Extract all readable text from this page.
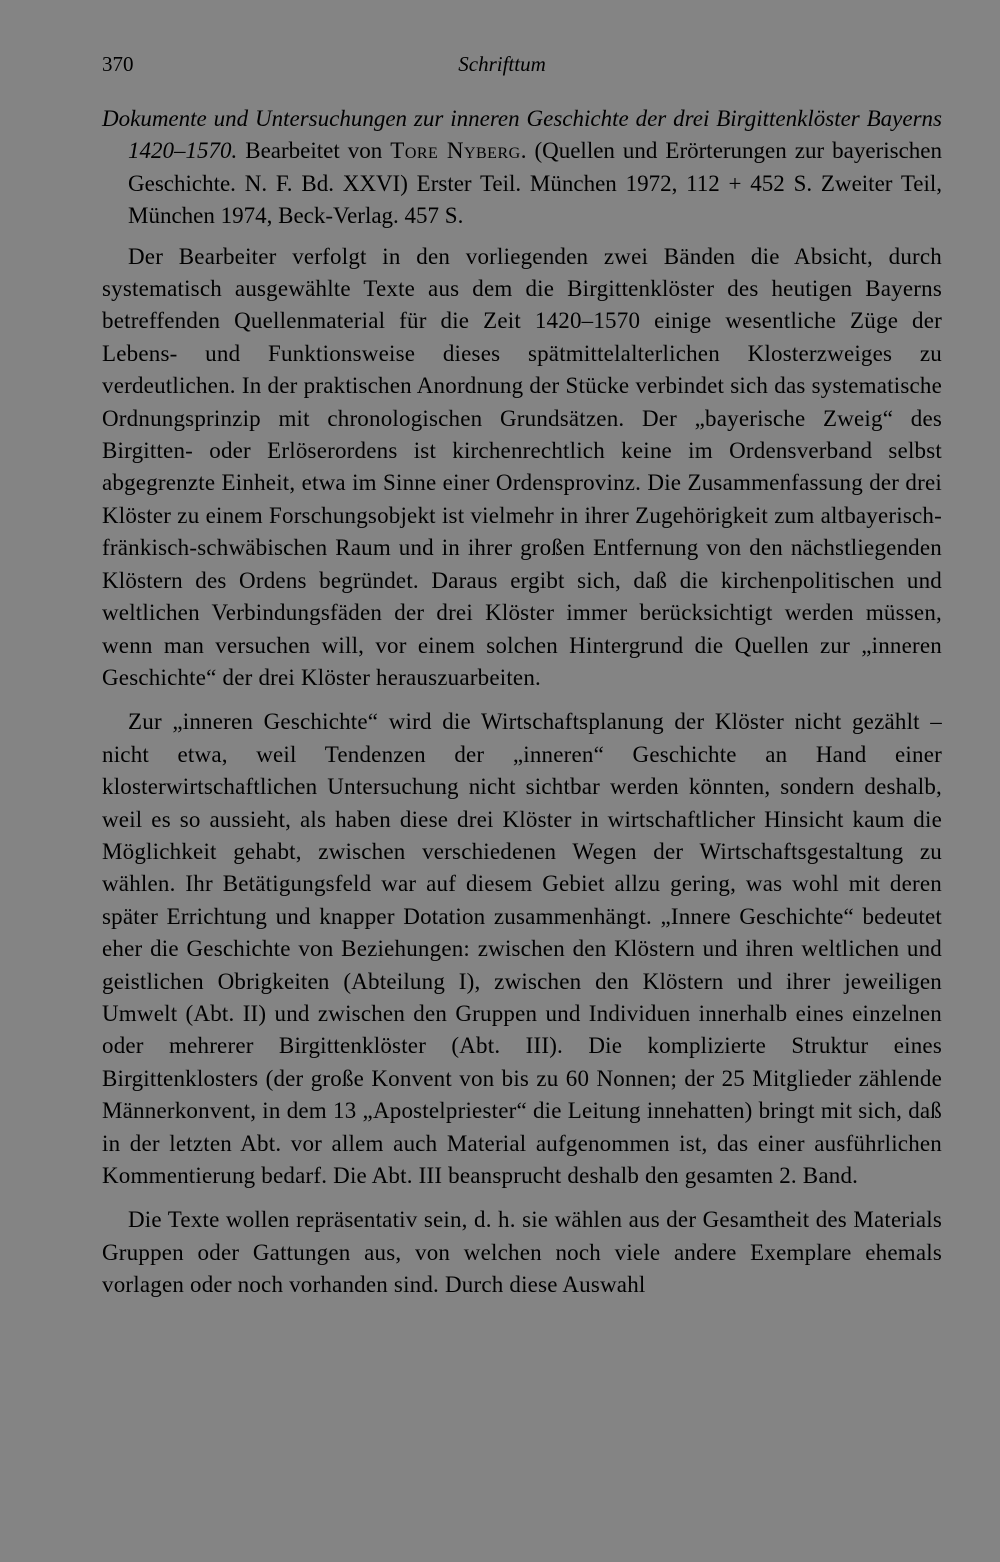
370	Schrifttum

Dokumente und Untersuchungen zur inneren Geschichte der drei Birgittenklöster Bayerns 1420–1570. Bearbeitet von Tore Nyberg. (Quellen und Erörterungen zur bayerischen Geschichte. N. F. Bd. XXVI) Erster Teil. München 1972, 112 + 452 S. Zweiter Teil, München 1974, Beck-Verlag. 457 S.

Der Bearbeiter verfolgt in den vorliegenden zwei Bänden die Absicht, durch systematisch ausgewählte Texte aus dem die Birgittenklöster des heutigen Bayerns betreffenden Quellenmaterial für die Zeit 1420–1570 einige wesentliche Züge der Lebens- und Funktionsweise dieses spätmittelalterlichen Klosterzweiges zu verdeutlichen. In der praktischen Anordnung der Stücke verbindet sich das systematische Ordnungsprinzip mit chronologischen Grundsätzen. Der „bayerische Zweig“ des Birgitten- oder Erlöserordens ist kirchenrechtlich keine im Ordensverband selbst abgegrenzte Einheit, etwa im Sinne einer Ordensprovinz. Die Zusammenfassung der drei Klöster zu einem Forschungsobjekt ist vielmehr in ihrer Zugehörigkeit zum altbayerisch-fränkisch-schwäbischen Raum und in ihrer großen Entfernung von den nächstliegenden Klöstern des Ordens begründet. Daraus ergibt sich, daß die kirchenpolitischen und weltlichen Verbindungsfäden der drei Klöster immer berücksichtigt werden müssen, wenn man versuchen will, vor einem solchen Hintergrund die Quellen zur „inneren Geschichte“ der drei Klöster herauszuarbeiten.

Zur „inneren Geschichte“ wird die Wirtschaftsplanung der Klöster nicht gezählt – nicht etwa, weil Tendenzen der „inneren“ Geschichte an Hand einer klosterwirtschaftlichen Untersuchung nicht sichtbar werden könnten, sondern deshalb, weil es so aussieht, als haben diese drei Klöster in wirtschaftlicher Hinsicht kaum die Möglichkeit gehabt, zwischen verschiedenen Wegen der Wirtschaftsgestaltung zu wählen. Ihr Betätigungsfeld war auf diesem Gebiet allzu gering, was wohl mit deren später Errichtung und knapper Dotation zusammenhängt. „Innere Geschichte“ bedeutet eher die Geschichte von Beziehungen: zwischen den Klöstern und ihren weltlichen und geistlichen Obrigkeiten (Abteilung I), zwischen den Klöstern und ihrer jeweiligen Umwelt (Abt. II) und zwischen den Gruppen und Individuen innerhalb eines einzelnen oder mehrerer Birgittenklöster (Abt. III). Die komplizierte Struktur eines Birgittenklosters (der große Konvent von bis zu 60 Nonnen; der 25 Mitglieder zählende Männerkonvent, in dem 13 „Apostelpriester“ die Leitung innehatten) bringt mit sich, daß in der letzten Abt. vor allem auch Material aufgenommen ist, das einer ausführlichen Kommentierung bedarf. Die Abt. III beansprucht deshalb den gesamten 2. Band.

Die Texte wollen repräsentativ sein, d. h. sie wählen aus der Gesamtheit des Materials Gruppen oder Gattungen aus, von welchen noch viele andere Exemplare ehemals vorlagen oder noch vorhanden sind. Durch diese Auswahl
